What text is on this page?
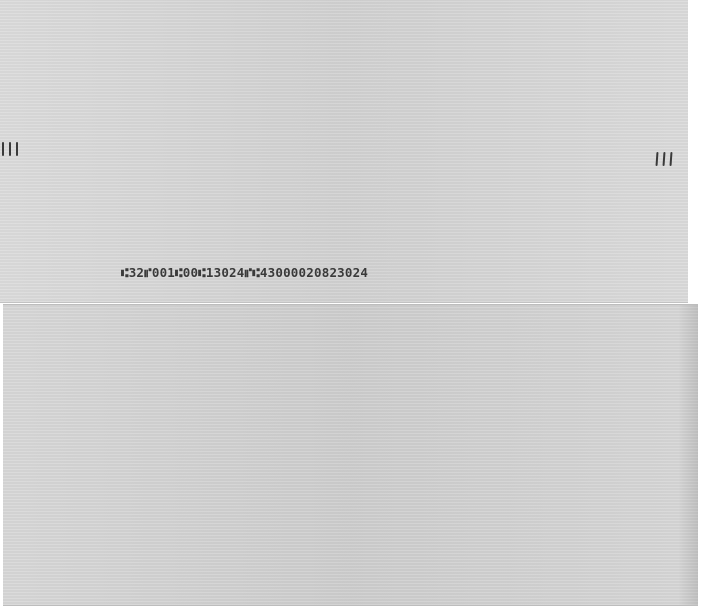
⑆32⑈001⑆00⑆13024⑈⑆43000020823024
